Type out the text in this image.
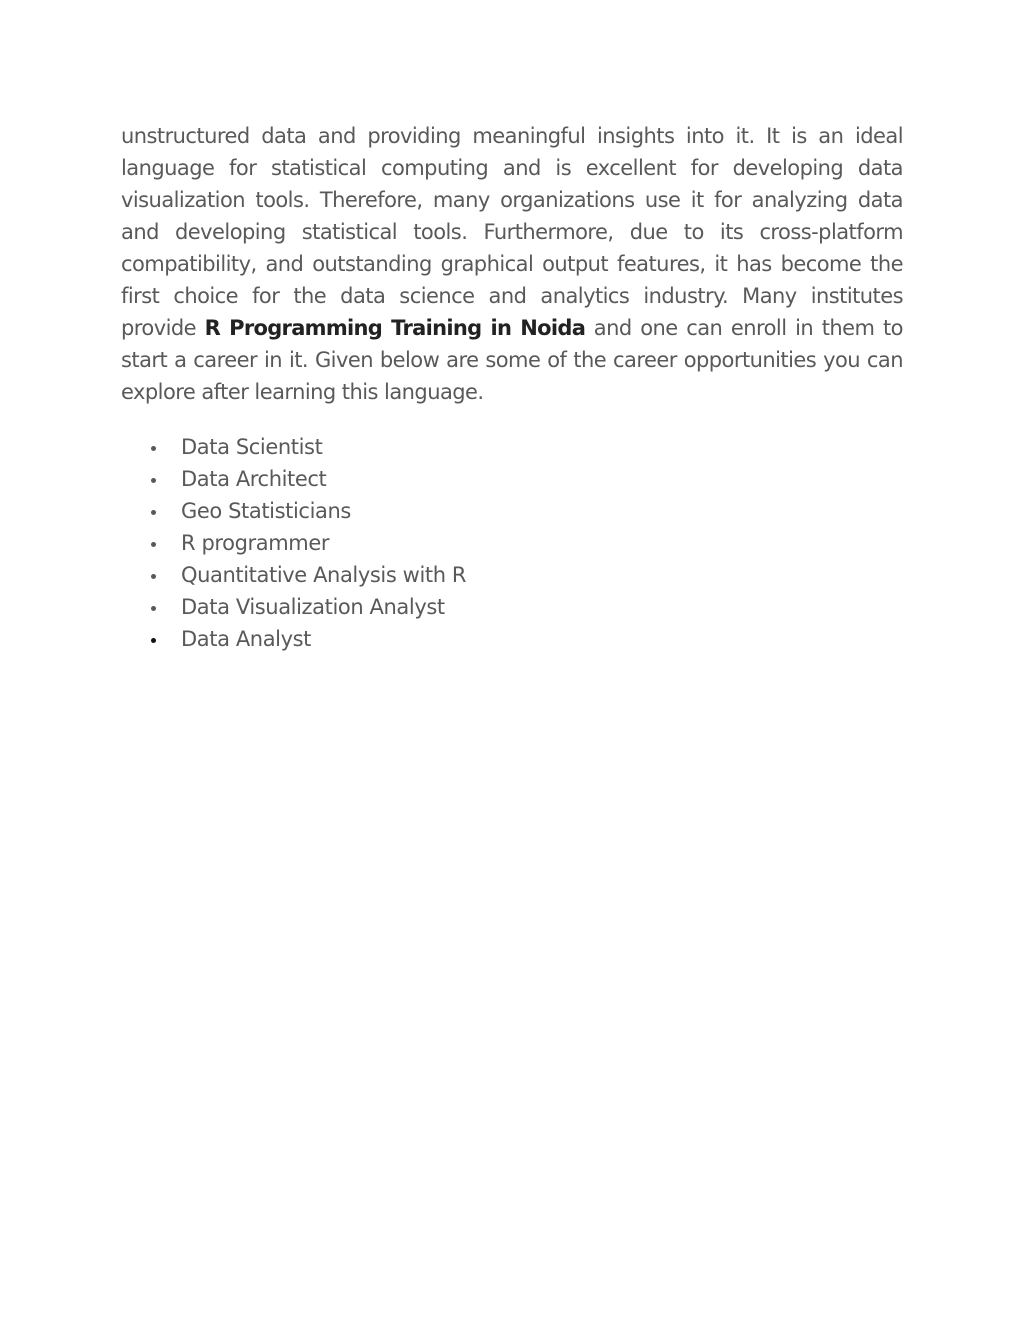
unstructured data and providing meaningful insights into it. It is an ideal language for statistical computing and is excellent for developing data visualization tools. Therefore, many organizations use it for analyzing data and developing statistical tools. Furthermore, due to its cross-platform compatibility, and outstanding graphical output features, it has become the first choice for the data science and analytics industry. Many institutes provide R Programming Training in Noida and one can enroll in them to start a career in it. Given below are some of the career opportunities you can explore after learning this language.

Data Scientist
Data Architect
Geo Statisticians
R programmer
Quantitative Analysis with R
Data Visualization Analyst
Data Analyst
